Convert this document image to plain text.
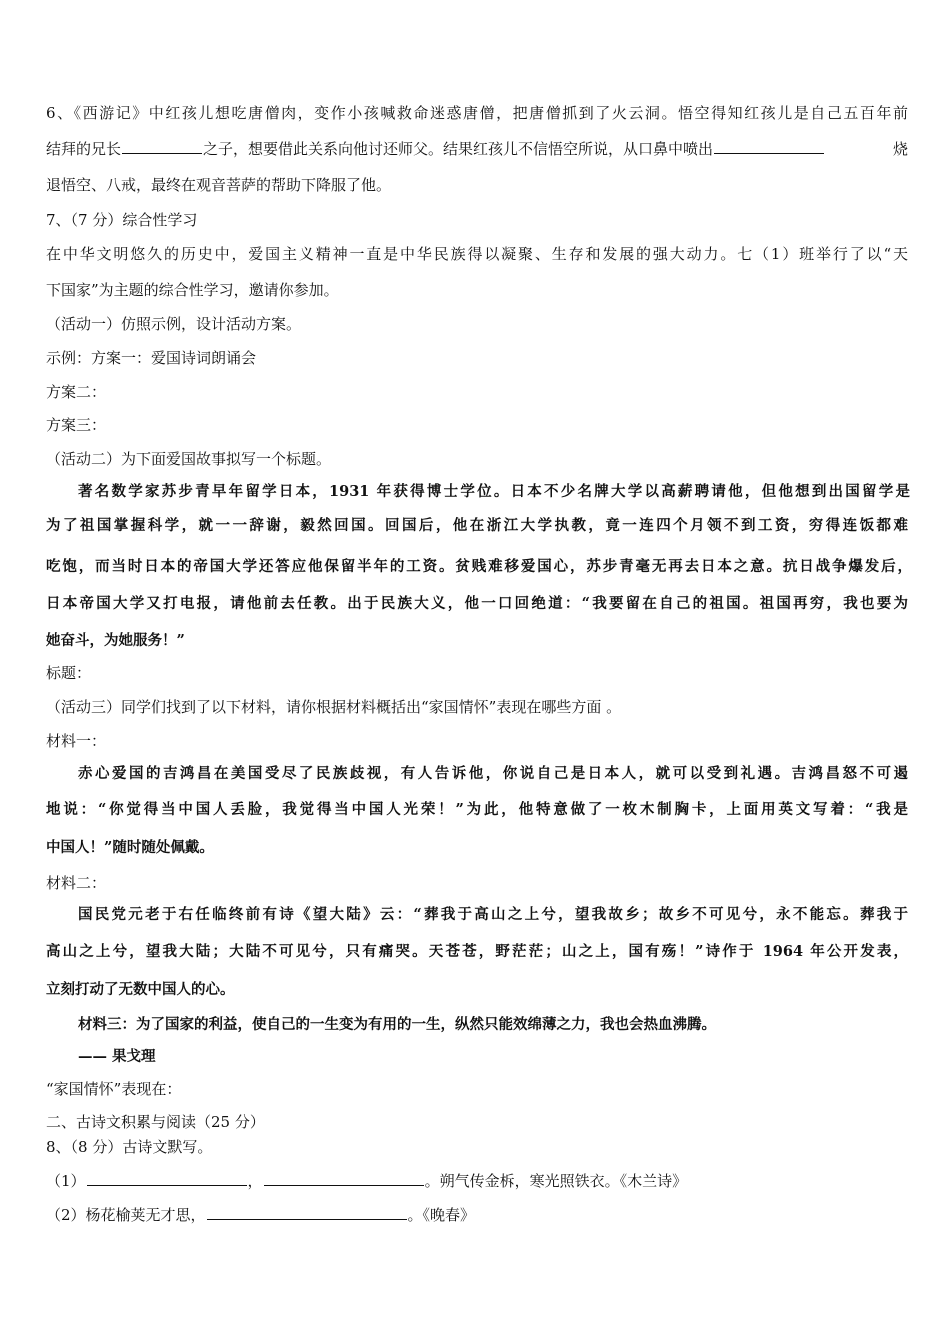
6、《西游记》中红孩儿想吃唐僧肉，变作小孩喊救命迷惑唐僧，把唐僧抓到了火云洞。悟空得知红孩儿是自己五百年前
结拜的兄长	之子，想要借此关系向他讨还师父。结果红孩儿不信悟空所说，从口鼻中喷出	烧
退悟空、八戒，最终在观音菩萨的帮助下降服了他。
7、（7 分）综合性学习
在中华文明悠久的历史中，爱国主义精神一直是中华民族得以凝聚、生存和发展的强大动力。七（1）班举行了以“天
下国家”为主题的综合性学习，邀请你参加。
（活动一）仿照示例，设计活动方案。
示例：方案一：爱国诗词朗诵会
方案二：
方案三：
（活动二）为下面爱国故事拟写一个标题。
著名数学家苏步青早年留学日本，1931 年获得博士学位。日本不少名牌大学以高薪聘请他，但他想到出国留学是
为了祖国掌握科学，就一一辞谢，毅然回国。回国后，他在浙江大学执教，竟一连四个月领不到工资，穷得连饭都难
吃饱，而当时日本的帝国大学还答应他保留半年的工资。贫贱难移爱国心，苏步青毫无再去日本之意。抗日战争爆发后，
日本帝国大学又打电报，请他前去任教。出于民族大义，他一口回绝道：“我要留在自己的祖国。祖国再穷，我也要为
她奋斗，为她服务！”
标题：
（活动三）同学们找到了以下材料，请你根据材料概括出“家国情怀”表现在哪些方面 。
材料一：
赤心爱国的吉鸿昌在美国受尽了民族歧视，有人告诉他，你说自己是日本人，就可以受到礼遇。吉鸿昌怒不可遏
地说：“你觉得当中国人丢脸，我觉得当中国人光荣！”为此，他特意做了一枚木制胸卡，上面用英文写着：“我是
中国人！”随时随处佩戴。
材料二：
国民党元老于右任临终前有诗《望大陆》云：“葬我于高山之上兮，望我故乡；故乡不可见兮，永不能忘。葬我于
高山之上兮，望我大陆；大陆不可见兮，只有痛哭。天苍苍，野茫茫；山之上，国有殇！”诗作于 1964 年公开发表，
立刻打动了无数中国人的心。
材料三：为了国家的利益，使自己的一生变为有用的一生，纵然只能效绵薄之力，我也会热血沸腾。
—— 果戈理
“家国情怀”表现在：
二、古诗文积累与阅读（25 分）
8、（8 分）古诗文默写。
（1）	，	。朔气传金柝，寒光照铁衣。《木兰诗》
（2）杨花榆荚无才思，	。《晚春》
